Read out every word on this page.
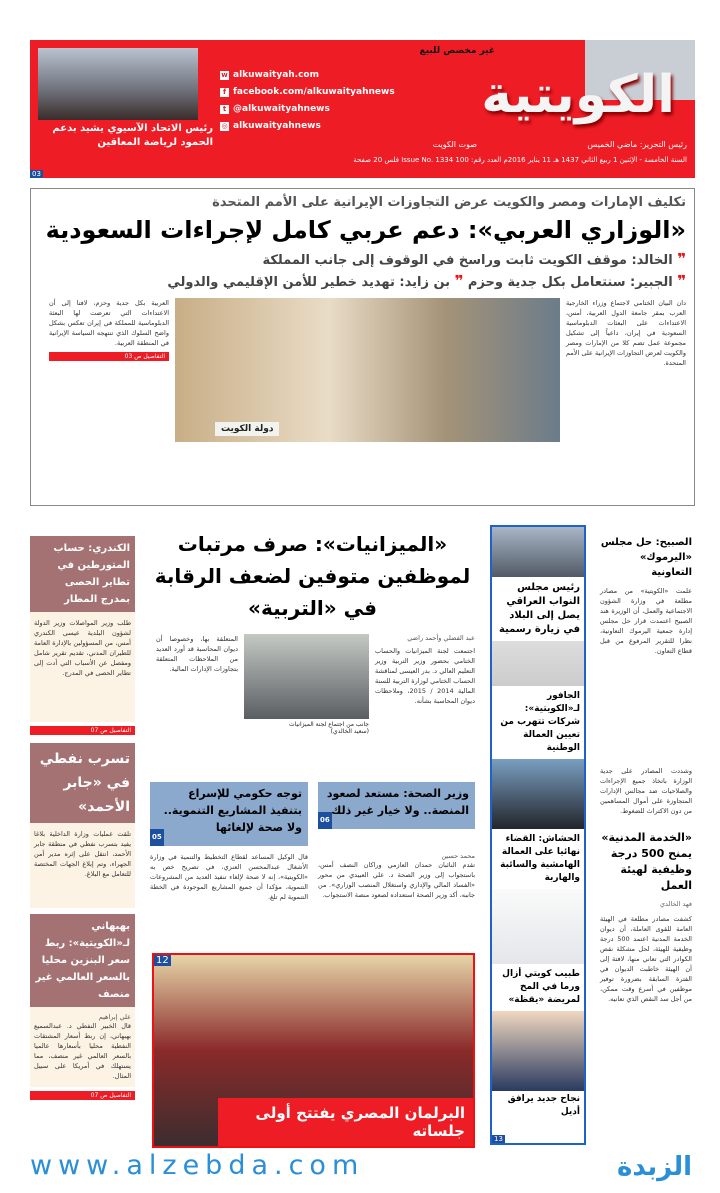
الكويتية
غير مخصص للبيع
صوت الكويت	رئيس التحرير: ماضي الخميس
السنة الخامسة - الإثنين 1 ربيع الثاني 1437 هـ 11 يناير 2016م العدد رقم: Issue No. 1334 100 فلس 20 صفحة
w alkuwaityah.com
f facebook.com/alkuwaityahnews
t @alkuwaityahnews
◎ alkuwaityahnews
رئيس الاتحاد الآسيوي يشيد بدعم الحمود لرياضة المعاقين
03
تكليف الإمارات ومصر والكويت عرض التجاوزات الإيرانية على الأمم المتحدة
«الوزاري العربي»: دعم عربي كامل لإجراءات السعودية
❞ الخالد: موقف الكويت ثابت وراسخ في الوقوف إلى جانب المملكة
❞ الجبير: سنتعامل بكل جدية وحزم ❞ بن زايد: تهديد خطير للأمن الإقليمي والدولي
دان البيان الختامي لاجتماع وزراء الخارجية العرب بمقر جامعة الدول العربية، أمس، الاعتداءات على البعثات الدبلوماسية السعودية في إيران، داعياً إلى تشكيل مجموعة عمل تضم كلا من الإمارات ومصر والكويت لعرض التجاوزات الإيرانية على الأمم المتحدة.
دولة الكويت
العربية بكل جدية وحزم، لافتا إلى أن الاعتداءات التي تعرضت لها البعثة الدبلوماسية للمملكة في إيران تعكس بشكل واضح السلوك الذي تنتهجه السياسة الإيرانية في المنطقة العربية.
التفاصيل ص 03
الصبيح: حل مجلس «اليرموك» التعاونية
علمت «الكويتية» من مصادر مطلعة في وزارة الشؤون الاجتماعية والعمل، أن الوزيرة هند الصبيح اعتمدت قرار حل مجلس إدارة جمعية اليرموك التعاونية، نظرا للتقرير المرفوع من قبل قطاع التعاون.
وشددت المصادر على جدية الوزارة باتخاذ جميع الإجراءات والصلاحيات ضد مجالس الإدارات المتجاوزة على أموال المساهمين من دون الاكتراث للضغوط.
«الخدمة المدنية» يمنح 500 درجة وظيفية لهيئة العمل
فهد الخالدي
كشفت مصادر مطلعة في الهيئة العامة للقوى العاملة، أن ديوان الخدمة المدنية اعتمد 500 درجة وظيفية للهيئة، لحل مشكلة نقص الكوادر التي تعاني منها، لافتة إلى أن الهيئة خاطبت الديوان في الفترة السابقة بضرورة توفير موظفين في أسرع وقت ممكن، من أجل سد النقص الذي تعانيه.
رئيس مجلس النواب العراقي يصل إلى البلاد في زيارة رسمية
الجافور لـ«الكويتية»: شركات تتهرب من تعيين العمالة الوطنية
الحشاش: القضاء نهائيا على العمالة الهامشية والسائبة والهاربة
طبيب كويتي أزال ورما في المخ لمريضة «يقظة»
نجاح جديد يرافق أديل
13
«الميزانيات»: صرف مرتبات لموظفين متوفين لضعف الرقابة في «التربية»
عبد الفضلي وأحمد راضي
اجتمعت لجنة الميزانيات والحساب الختامي بحضور وزير التربية وزير التعليم العالي د. بدر العيسى لمناقشة الحساب الختامي لوزارة التربية للسنة المالية 2014 / 2015، وملاحظات ديوان المحاسبة بشأنه.
جانب من اجتماع لجنة الميزانيات
(سعيد الخالدي)
المتعلقة بها، وخصوصا أن ديوان المحاسبة قد أورد العديد من الملاحظات المتعلقة بتجاوزات الإدارات المالية.
وزير الصحة: مستعد لصعود المنصة.. ولا خيار غير ذلك
06
توجه حكومي للإسراع بتنفيذ المشاريع التنموية.. ولا صحة لإلغائها
05
محمد حسين
تقدم النائبان حمدان العازمي وراكان النصف أمس، باستجواب إلى وزير الصحة د. علي العبيدي من محور «الفساد المالي والإداري واستغلال المنصب الوزاري». من جانبه، أكد وزير الصحة استعداده لصعود منصة الاستجواب.
قال الوكيل المساعد لقطاع التخطيط والتنمية في وزارة الأشغال عبدالمحسن العنزي، في تصريح خص به «الكويتية»، إنه لا صحة لإلغاء تنفيذ العديد من المشروعات التنموية، مؤكدا أن جميع المشاريع الموجودة في الخطة التنموية لم تلغ.
12
البرلمان المصري يفتتح أولى جلساته
الكندري: حساب المتورطين في تطاير الحصى بمدرج المطار
طلب وزير المواصلات وزير الدولة لشؤون البلدية عيسى الكندري أمس، من المسؤولين بالإدارة العامة للطيران المدني، تقديم تقرير شامل ومفصل عن الأسباب التي أدت إلى تطاير الحصى في المدرج.
التفاصيل ص 07
تسرب نفطي في «جابر الأحمد»
تلقت عمليات وزارة الداخلية بلاغا يفيد بتسرب نفطي في منطقة جابر الأحمد، انتقل على إثره مدير أمن الجهراء، وتم إبلاغ الجهات المختصة للتعامل مع البلاغ.
بهبهاني لـ«الكويتية»: ربط سعر البنزين محليا بالسعر العالمي غير منصف
علي إبراهيم
قال الخبير النفطي د. عبدالسميع بهبهاني، إن ربط أسعار المشتقات النفطية محليا بأسعارها عالميا بالسعر العالمي غير منصف، مما يستهلك في أمريكا على سبيل المثال.
التفاصيل ص 07
www.alzebda.com	الزبدة
